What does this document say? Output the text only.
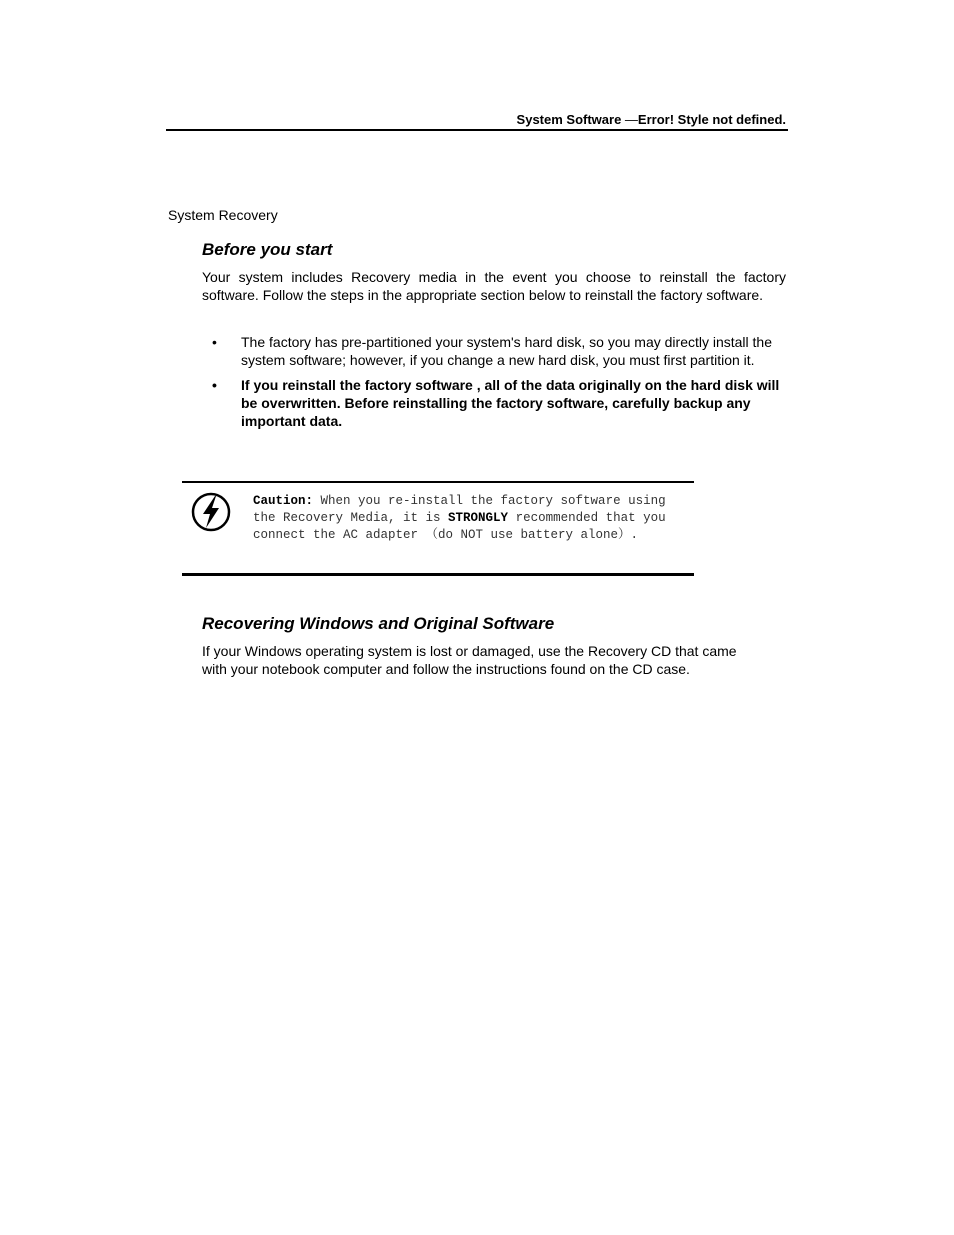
System Software —Error! Style not defined.
System Recovery
Before you start
Your system includes Recovery media in the event you choose to reinstall the factory software. Follow the steps in the appropriate section below to reinstall the factory software.
• The factory has pre-partitioned your system's hard disk, so you may directly install the system software; however, if you change a new hard disk, you must first partition it.
• If you reinstall the factory software , all of the data originally on the hard disk will be overwritten. Before reinstalling the factory software, carefully backup any important data.
Caution: When you re-install the factory software using the Recovery Media, it is STRONGLY recommended that you connect the AC adapter （do NOT use battery alone）.
Recovering Windows and Original Software
If your Windows operating system is lost or damaged, use the Recovery CD that came with your notebook computer and follow the instructions found on the CD case.
